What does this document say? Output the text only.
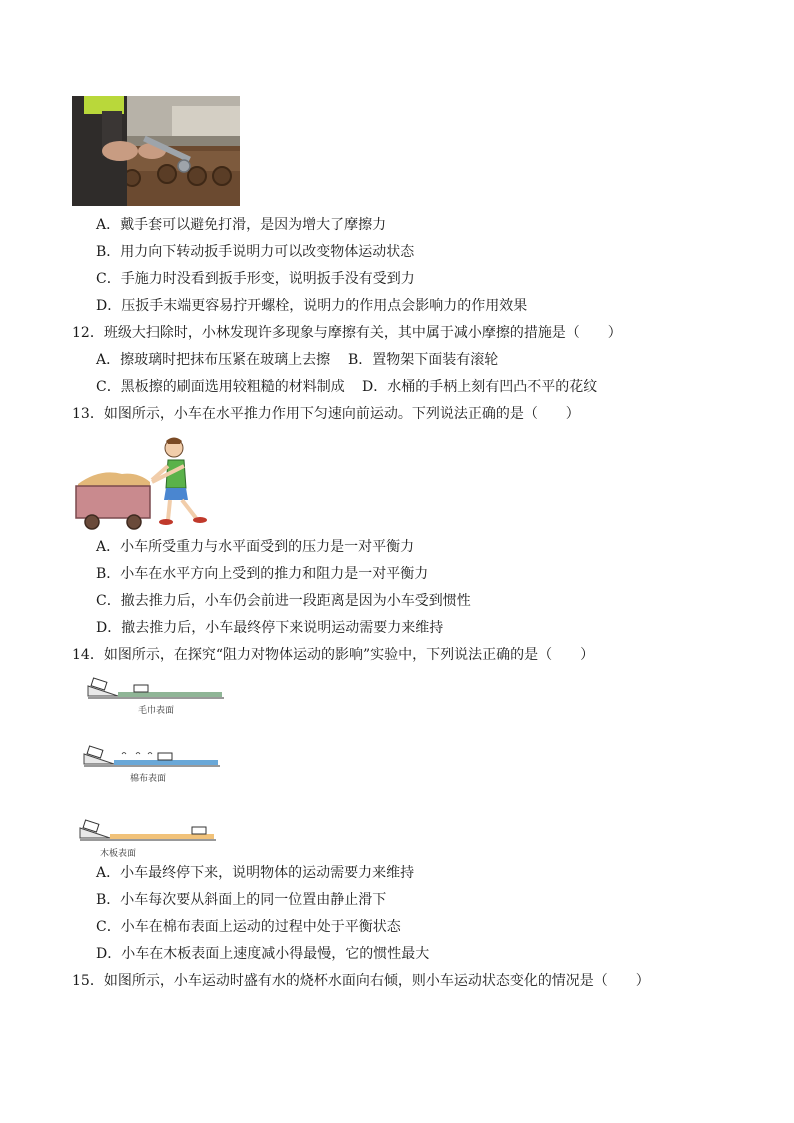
A．戴手套可以避免打滑，是因为增大了摩擦力
B．用力向下转动扳手说明力可以改变物体运动状态
C．手施力时没看到扳手形变，说明扳手没有受到力
D．压扳手末端更容易拧开螺栓，说明力的作用点会影响力的作用效果
12．班级大扫除时，小林发现许多现象与摩擦有关，其中属于减小摩擦的措施是（　　）
A．擦玻璃时把抹布压紧在玻璃上去擦 B．置物架下面装有滚轮
C．黑板擦的刷面选用较粗糙的材料制成 D．水桶的手柄上刻有凹凸不平的花纹
13．如图所示，小车在水平推力作用下匀速向前运动。下列说法正确的是（　　）
A．小车所受重力与水平面受到的压力是一对平衡力
B．小车在水平方向上受到的推力和阻力是一对平衡力
C．撤去推力后，小车仍会前进一段距离是因为小车受到惯性
D．撤去推力后，小车最终停下来说明运动需要力来维持
14．如图所示，在探究“阻力对物体运动的影响”实验中，下列说法正确的是（　　）
毛巾表面
棉布表面
木板表面
A．小车最终停下来，说明物体的运动需要力来维持
B．小车每次要从斜面上的同一位置由静止滑下
C．小车在棉布表面上运动的过程中处于平衡状态
D．小车在木板表面上速度减小得最慢，它的惯性最大
15．如图所示，小车运动时盛有水的烧杯水面向右倾，则小车运动状态变化的情况是（　　）
